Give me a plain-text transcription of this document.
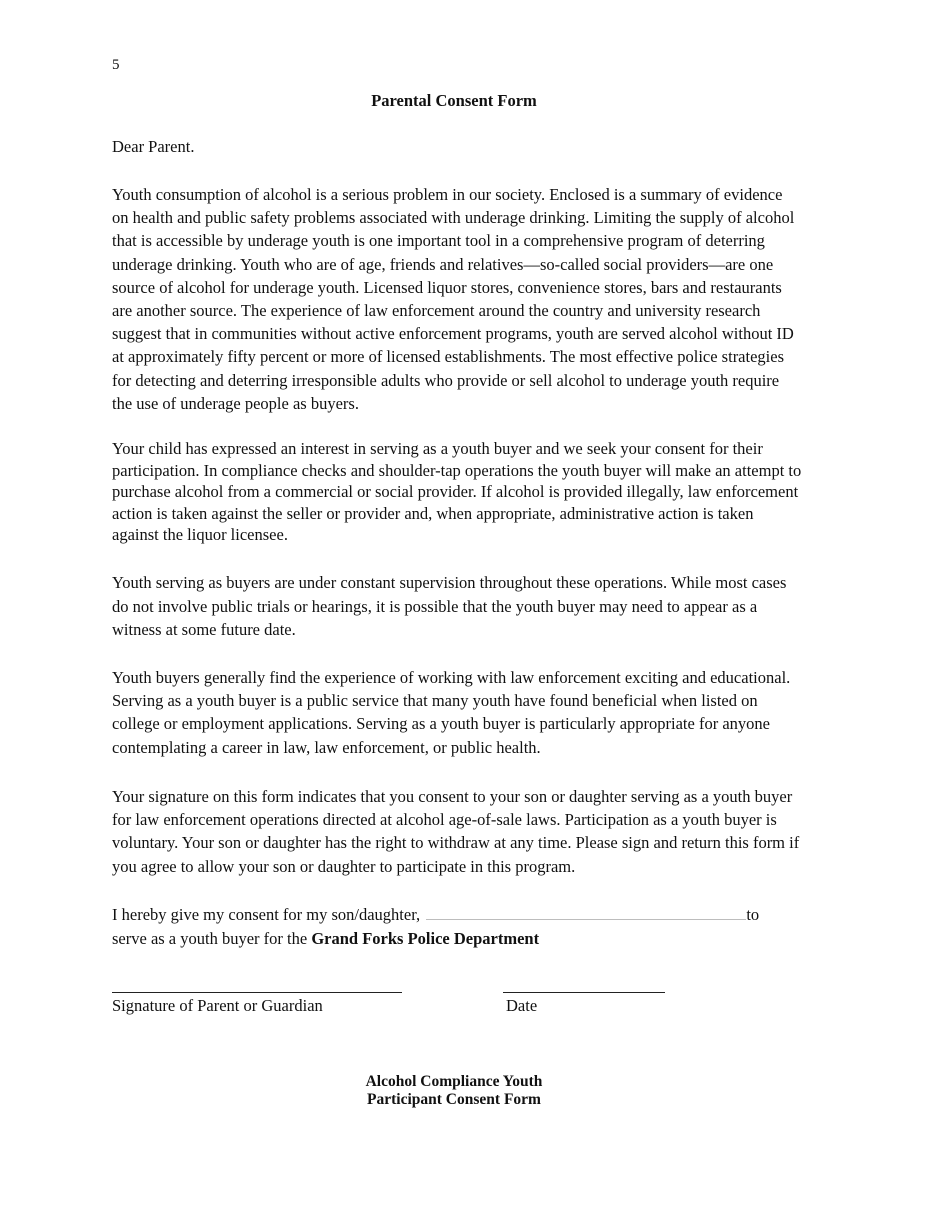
5
Parental Consent Form
Dear Parent.

Youth consumption of alcohol is a serious problem in our society. Enclosed is a summary of evidence on health and public safety problems associated with underage drinking. Limiting the supply of alcohol that is accessible by underage youth is one important tool in a comprehensive program of deterring underage drinking. Youth who are of age, friends and relatives—so-called social providers—are one source of alcohol for underage youth. Licensed liquor stores, convenience stores, bars and restaurants are another source. The experience of law enforcement around the country and university research suggest that in communities without active enforcement programs, youth are served alcohol without ID at approximately fifty percent or more of licensed establishments. The most effective police strategies for detecting and deterring irresponsible adults who provide or sell alcohol to underage youth require the use of underage people as buyers.

Your child has expressed an interest in serving as a youth buyer and we seek your consent for their participation. In compliance checks and shoulder-tap operations the youth buyer will make an attempt to purchase alcohol from a commercial or social provider. If alcohol is provided illegally, law enforcement action is taken against the seller or provider and, when appropriate, administrative action is taken against the liquor licensee.

Youth serving as buyers are under constant supervision throughout these operations. While most cases do not involve public trials or hearings, it is possible that the youth buyer may need to appear as a witness at some future date.

Youth buyers generally find the experience of working with law enforcement exciting and educational. Serving as a youth buyer is a public service that many youth have found beneficial when listed on college or employment applications. Serving as a youth buyer is particularly appropriate for anyone contemplating a career in law, law enforcement, or public health.

Your signature on this form indicates that you consent to your son or daughter serving as a youth buyer for law enforcement operations directed at alcohol age-of-sale laws. Participation as a youth buyer is voluntary. Your son or daughter has the right to withdraw at any time. Please sign and return this form if you agree to allow your son or daughter to participate in this program.

I hereby give my consent for my son/daughter,	to
serve as a youth buyer for the Grand Forks Police Department
Signature of Parent or Guardian	Date
Alcohol Compliance Youth
Participant Consent Form
